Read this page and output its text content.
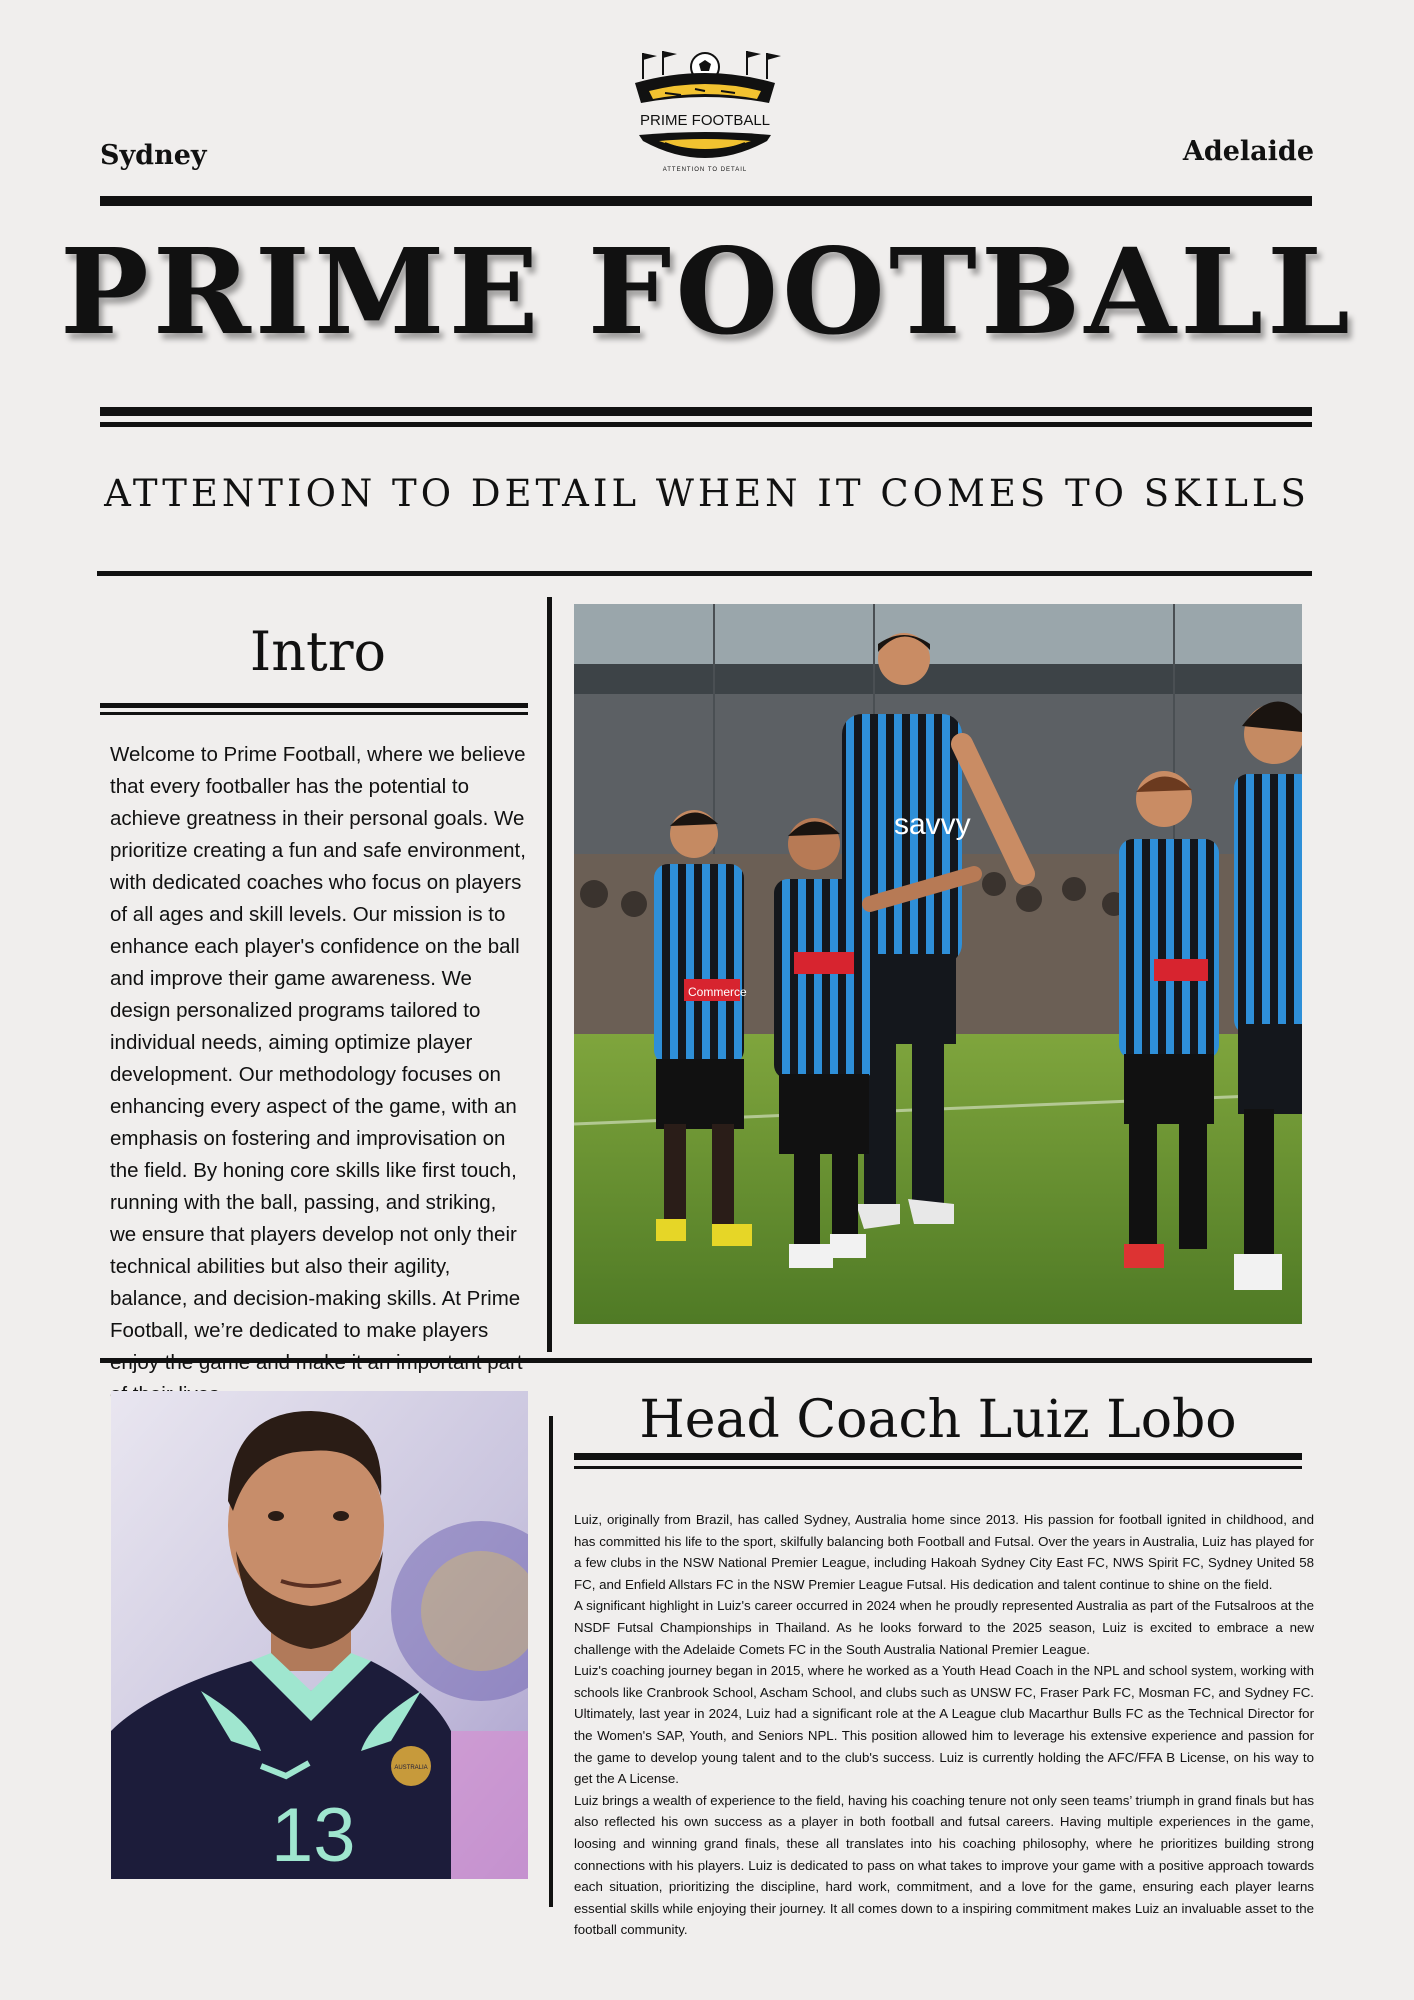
Sydney	Adelaide
PRIME FOOTBALL
ATTENTION TO DETAIL
PRIME FOOTBALL
ATTENTION TO DETAIL WHEN IT COMES TO SKILLS
Intro

Welcome to Prime Football, where we believe that every footballer has the potential to achieve greatness in their personal goals. We prioritize creating a fun and safe environment, with dedicated coaches who focus on players of all ages and skill levels. Our mission is to enhance each player's confidence on the ball and improve their game awareness. We design personalized programs tailored to individual needs, aiming optimize player development. Our methodology focuses on enhancing every aspect of the game, with an emphasis on fostering and improvisation on the field. By honing core skills like first touch, running with the ball, passing, and striking, we ensure that players develop not only their technical abilities but also their agility, balance, and decision-making skills. At Prime Football, we’re dedicated to make players

savvy
Commerce
13
AUSTRALIA
Head Coach Luiz Lobo

Luiz, originally from Brazil, has called Sydney, Australia home since 2013. His passion for football ignited in childhood, and has committed his life to the sport, skilfully balancing both Football and Futsal. Over the years in Australia, Luiz has played for a few clubs in the NSW National Premier League, including Hakoah Sydney City East FC, NWS Spirit FC, Sydney United 58 FC, and Enfield Allstars FC in the NSW Premier League Futsal. His dedication and talent continue to shine on the field.

A significant highlight in Luiz's career occurred in 2024 when he proudly represented Australia as part of the Futsalroos at the NSDF Futsal Championships in Thailand. As he looks forward to the 2025 season, Luiz is excited to embrace a new challenge with the Adelaide Comets FC in the South Australia National Premier League.

Luiz's coaching journey began in 2015, where he worked as a Youth Head Coach in the NPL and school system, working with schools like Cranbrook School, Ascham School, and clubs such as UNSW FC, Fraser Park FC, Mosman FC, and Sydney FC. Ultimately, last year in 2024, Luiz had a significant role at the A League club Macarthur Bulls FC as the Technical Director for the Women's SAP, Youth, and Seniors NPL. This position allowed him to leverage his extensive experience and passion for the game to develop young talent and to the club's success. Luiz is currently holding the AFC/FFA B License, on his way to get the A License.

Luiz brings a wealth of experience to the field, having his coaching tenure not only seen teams’ triumph in grand finals but has also reflected his own success as a player in both football and futsal careers. Having multiple experiences in the game, loosing and winning grand finals, these all translates into his coaching philosophy, where he prioritizes building strong connections with his players. Luiz is dedicated to pass on what takes to improve your game with a positive approach towards each situation, prioritizing the discipline, hard work, commitment, and a love for the game, ensuring each player learns essential skills while enjoying their journey. It all comes down to a inspiring commitment makes Luiz an invaluable asset to the football community.
